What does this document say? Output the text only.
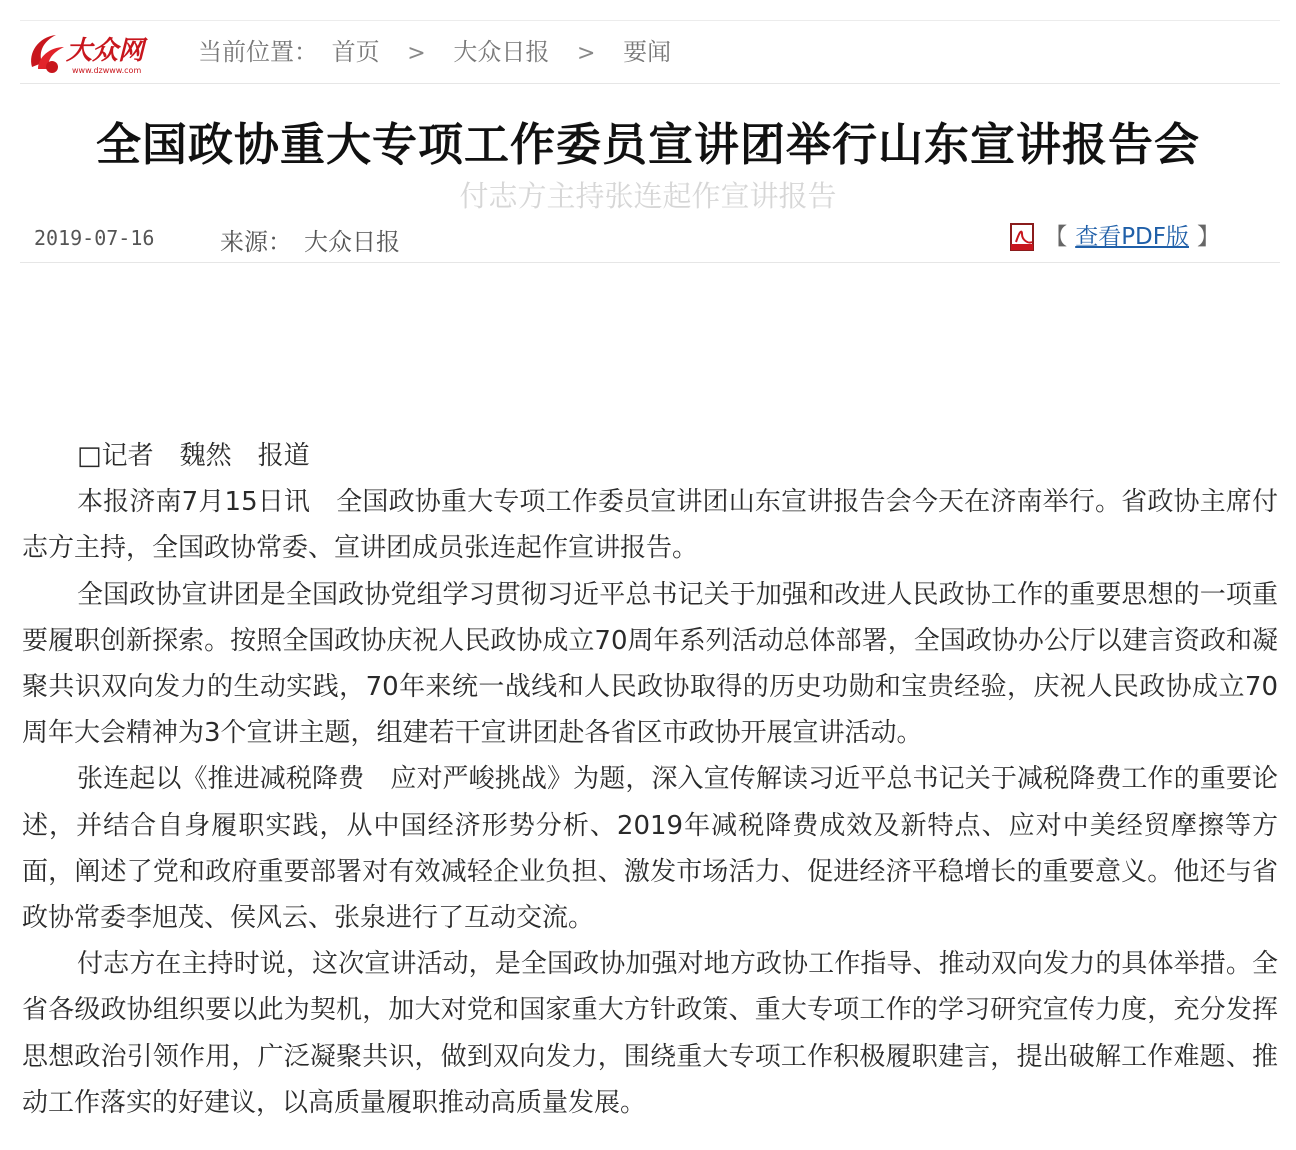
大众网
www.dzwww.com
当前位置： 首页 > 大众日报 > 要闻
全国政协重大专项工作委员宣讲团举行山东宣讲报告会
付志方主持张连起作宣讲报告
2019-07-16	来源： 大众日报	【 查看PDF版 】

□记者　魏然　报道

本报济南7月15日讯　全国政协重大专项工作委员宣讲团山东宣讲报告会今天在济南举行。省政协主席付志方主持，全国政协常委、宣讲团成员张连起作宣讲报告。

全国政协宣讲团是全国政协党组学习贯彻习近平总书记关于加强和改进人民政协工作的重要思想的一项重要履职创新探索。按照全国政协庆祝人民政协成立70周年系列活动总体部署，全国政协办公厅以建言资政和凝聚共识双向发力的生动实践，70年来统一战线和人民政协取得的历史功勋和宝贵经验，庆祝人民政协成立70周年大会精神为3个宣讲主题，组建若干宣讲团赴各省区市政协开展宣讲活动。

张连起以《推进减税降费　应对严峻挑战》为题，深入宣传解读习近平总书记关于减税降费工作的重要论述，并结合自身履职实践，从中国经济形势分析、2019年减税降费成效及新特点、应对中美经贸摩擦等方面，阐述了党和政府重要部署对有效减轻企业负担、激发市场活力、促进经济平稳增长的重要意义。他还与省政协常委李旭茂、侯风云、张泉进行了互动交流。

付志方在主持时说，这次宣讲活动，是全国政协加强对地方政协工作指导、推动双向发力的具体举措。全省各级政协组织要以此为契机，加大对党和国家重大方针政策、重大专项工作的学习研究宣传力度，充分发挥思想政治引领作用，广泛凝聚共识，做到双向发力，围绕重大专项工作积极履职建言，提出破解工作难题、推动工作落实的好建议，以高质量履职推动高质量发展。
